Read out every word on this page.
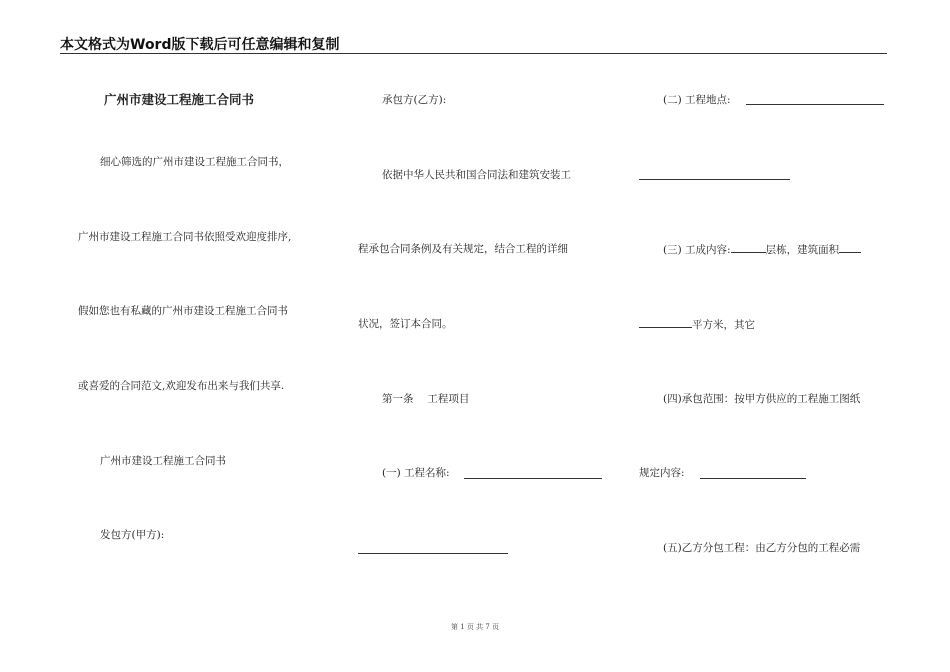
本文格式为Word版下载后可任意编辑和复制
广州市建设工程施工合同书
细心筛选的广州市建设工程施工合同书，
广州市建设工程施工合同书依照受欢迎度排序,
假如您也有私藏的广州市建设工程施工合同书
或喜爱的合同范文,欢迎发布出来与我们共享.
广州市建设工程施工合同书
发包方(甲方):
承包方(乙方):
依据中华人民共和国合同法和建筑安装工
程承包合同条例及有关规定，结合工程的详细
状况，签订本合同。
第一条　 工程项目
(一) 工程名称:
(二) 工程地点:
(三) 工成内容:	层栋，建筑面积
平方米，其它
(四)承包范围：按甲方供应的工程施工图纸
规定内容:
(五)乙方分包工程：由乙方分包的工程必需
第 1 页 共 7 页
